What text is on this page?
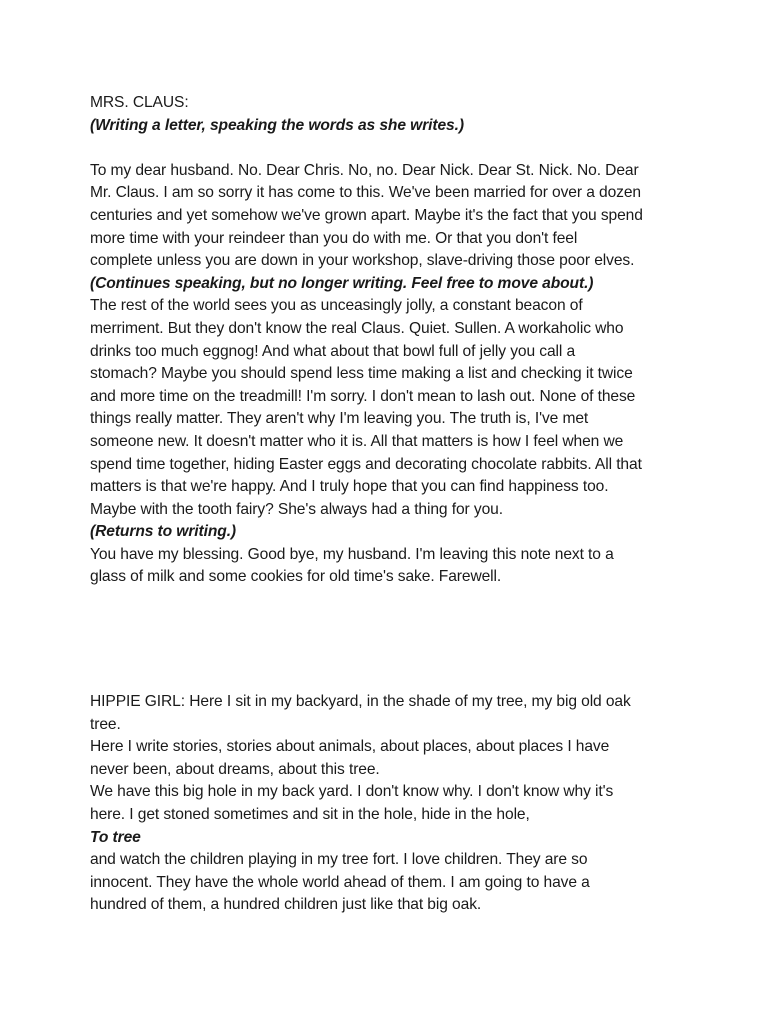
MRS. CLAUS:
(Writing a letter, speaking the words as she writes.)
To my dear husband. No. Dear Chris. No, no. Dear Nick. Dear St. Nick. No. Dear
Mr. Claus. I am so sorry it has come to this. We've been married for over a dozen
centuries and yet somehow we've grown apart. Maybe it's the fact that you spend
more time with your reindeer than you do with me. Or that you don't feel
complete unless you are down in your workshop, slave-driving those poor elves.
(Continues speaking, but no longer writing. Feel free to move about.)
The rest of the world sees you as unceasingly jolly, a constant beacon of
merriment. But they don't know the real Claus. Quiet. Sullen. A workaholic who
drinks too much eggnog! And what about that bowl full of jelly you call a
stomach? Maybe you should spend less time making a list and checking it twice
and more time on the treadmill! I'm sorry. I don't mean to lash out. None of these
things really matter. They aren't why I'm leaving you. The truth is, I've met
someone new. It doesn't matter who it is. All that matters is how I feel when we
spend time together, hiding Easter eggs and decorating chocolate rabbits. All that
matters is that we're happy. And I truly hope that you can find happiness too.
Maybe with the tooth fairy? She's always had a thing for you.
(Returns to writing.)
You have my blessing. Good bye, my husband. I'm leaving this note next to a
glass of milk and some cookies for old time's sake. Farewell.
HIPPIE GIRL: Here I sit in my backyard, in the shade of my tree, my big old oak
tree.
Here I write stories, stories about animals, about places, about places I have
never been, about dreams, about this tree.
We have this big hole in my back yard. I don't know why. I don't know why it's
here. I get stoned sometimes and sit in the hole, hide in the hole,
To tree
and watch the children playing in my tree fort. I love children. They are so
innocent. They have the whole world ahead of them. I am going to have a
hundred of them, a hundred children just like that big oak.
